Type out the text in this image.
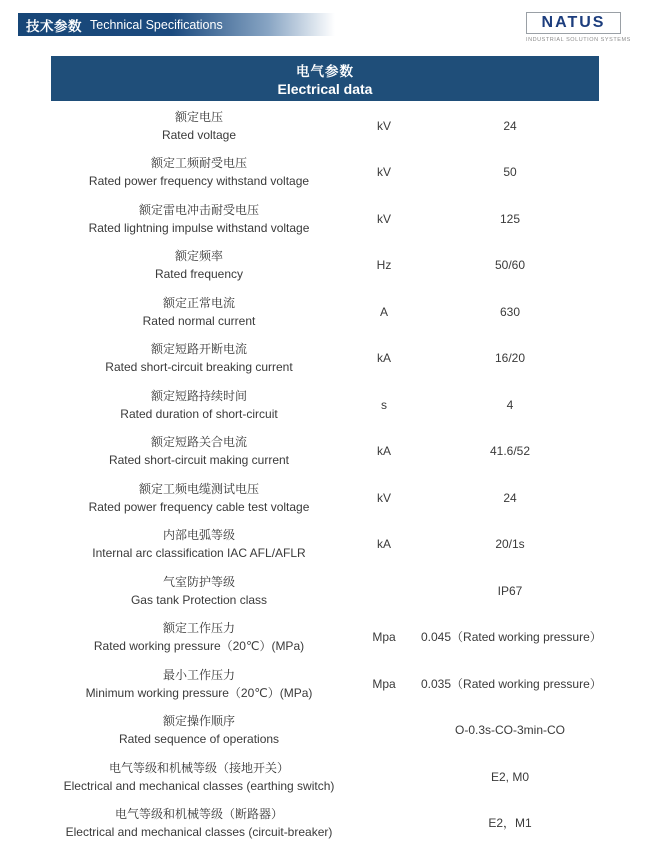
技术参数 Technical Specifications	NATUS
INDUSTRIAL SOLUTION SYSTEMS
电气参数
Electrical data
额定电压
Rated voltage
kV	24
额定工频耐受电压
Rated power frequency withstand voltage
kV	50
额定雷电冲击耐受电压
Rated lightning impulse withstand voltage
kV	125
额定频率
Rated frequency
Hz	50/60
额定正常电流
Rated normal current
A	630
额定短路开断电流
Rated short-circuit breaking current
kA	16/20
额定短路持续时间
Rated duration of short-circuit
s	4
额定短路关合电流
Rated short-circuit making current
kA	41.6/52
额定工频电缆测试电压
Rated power frequency cable test voltage
kV	24
内部电弧等级
Internal arc classification IAC AFL/AFLR
kA	20/1s
气室防护等级
Gas tank Protection class
IP67
额定工作压力
Rated working pressure（20℃）(MPa)
Mpa	0.045（Rated working pressure）
最小工作压力
Minimum working pressure（20℃）(MPa)
Mpa	0.035（Rated working pressure）
额定操作顺序
Rated sequence of operations
O-0.3s-CO-3min-CO
电气等级和机械等级（接地开关）
Electrical and mechanical classes (earthing switch)
E2, M0
电气等级和机械等级（断路器）
Electrical and mechanical classes (circuit-breaker)
E2，M1
